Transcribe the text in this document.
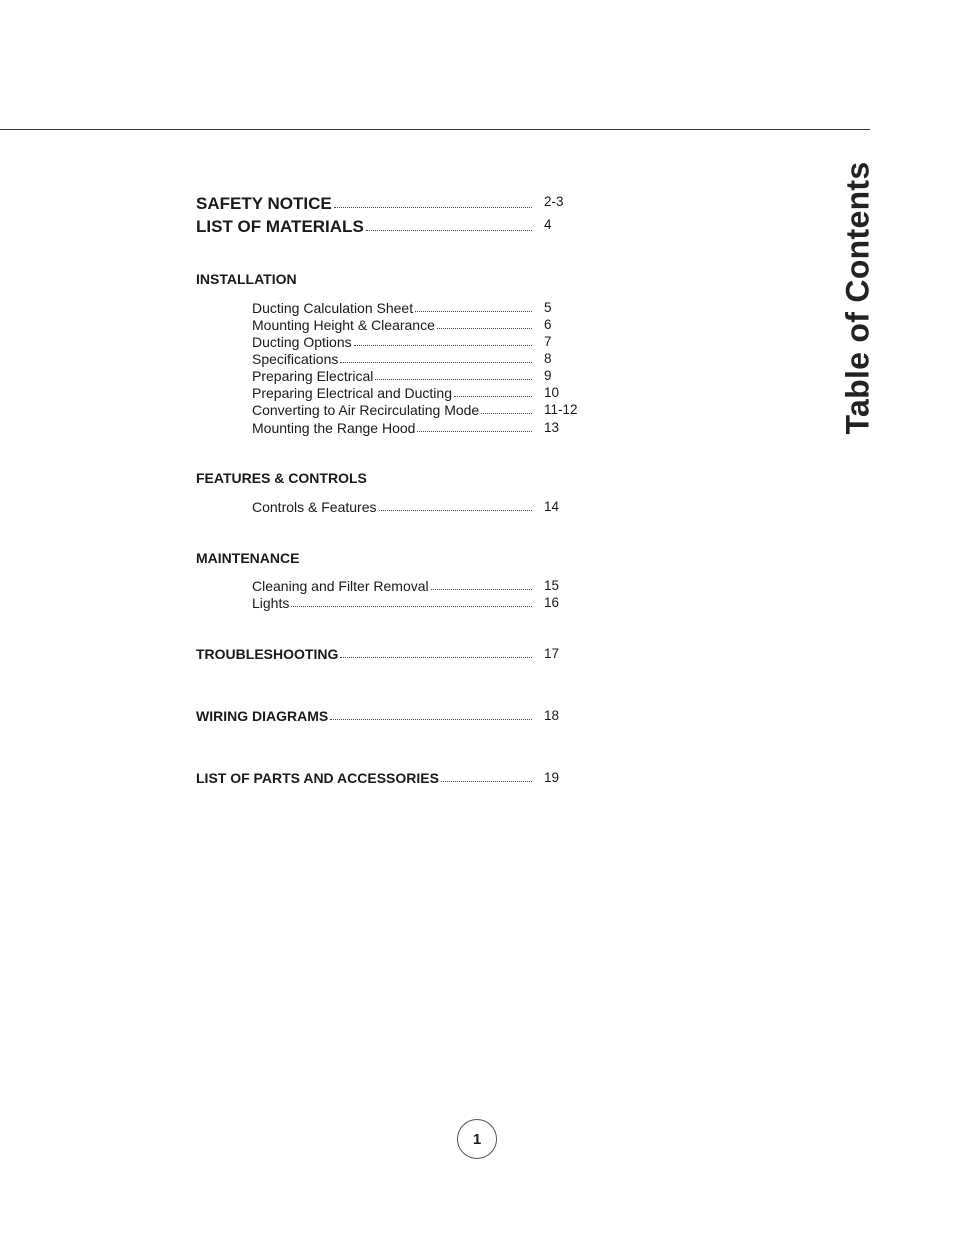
Table of Contents
SAFETY NOTICE	2-3
LIST OF MATERIALS	4
INSTALLATION
Ducting Calculation Sheet	5
Mounting Height & Clearance	6
Ducting Options	7
Specifications	8
Preparing Electrical	9
Preparing Electrical and Ducting	10
Converting to Air Recirculating Mode	11-12
Mounting the Range Hood	13
FEATURES & CONTROLS
Controls & Features	14
MAINTENANCE
Cleaning and Filter Removal	15
Lights	16
TROUBLESHOOTING	17
WIRING DIAGRAMS	18
LIST OF PARTS AND ACCESSORIES	19
1
